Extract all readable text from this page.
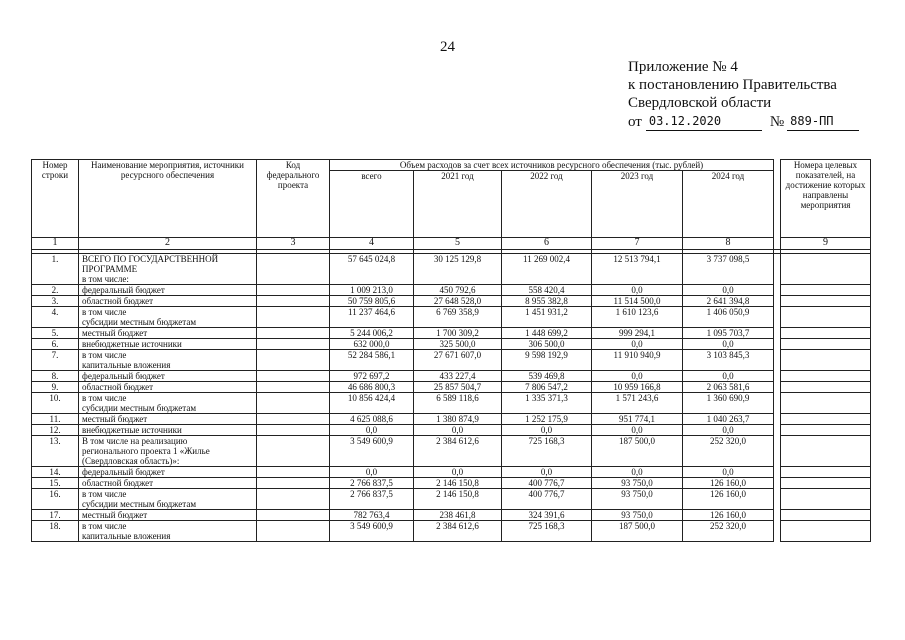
24
Приложение № 4
к постановлению Правительства
Свердловской области
от 03.12.2020	№ 889-ПП
Номер строки	Наименование мероприятия, источники ресурсного обеспечения	Код федерального проекта	Объем расходов за счет всех источников ресурсного обеспечения (тыс. рублей)						Номера целевых показателей, на достижение которых направлены мероприятия
			всего	2021 год	2022 год	2023 год	2024 год		
1	2	3	4	5	6	7	8		9

1.	ВСЕГО ПО ГОСУДАРСТВЕННОЙ
ПРОГРАММЕ
в том числе:		57 645 024,8	30 125 129,8	11 269 002,4	12 513 794,1	3 737 098,5		
2.	федеральный бюджет		1 009 213,0	450 792,6	558 420,4	0,0	0,0		
3.	областной бюджет		50 759 805,6	27 648 528,0	8 955 382,8	11 514 500,0	2 641 394,8		
4.	в том числе
субсидии местным бюджетам		11 237 464,6	6 769 358,9	1 451 931,2	1 610 123,6	1 406 050,9		
5.	местный бюджет		5 244 006,2	1 700 309,2	1 448 699,2	999 294,1	1 095 703,7		
6.	внебюджетные источники		632 000,0	325 500,0	306 500,0	0,0	0,0		
7.	в том числе
капитальные вложения		52 284 586,1	27 671 607,0	9 598 192,9	11 910 940,9	3 103 845,3		
8.	федеральный бюджет		972 697,2	433 227,4	539 469,8	0,0	0,0		
9.	областной бюджет		46 686 800,3	25 857 504,7	7 806 547,2	10 959 166,8	2 063 581,6		
10.	в том числе
субсидии местным бюджетам		10 856 424,4	6 589 118,6	1 335 371,3	1 571 243,6	1 360 690,9		
11.	местный бюджет		4 625 088,6	1 380 874,9	1 252 175,9	951 774,1	1 040 263,7		
12.	внебюджетные источники		0,0	0,0	0,0	0,0	0,0		
13.	В том числе на реализацию
регионального проекта 1 «Жилье
(Свердловская область)»:		3 549 600,9	2 384 612,6	725 168,3	187 500,0	252 320,0		
14.	федеральный бюджет		0,0	0,0	0,0	0,0	0,0		
15.	областной бюджет		2 766 837,5	2 146 150,8	400 776,7	93 750,0	126 160,0		
16.	в том числе
субсидии местным бюджетам		2 766 837,5	2 146 150,8	400 776,7	93 750,0	126 160,0		
17.	местный бюджет		782 763,4	238 461,8	324 391,6	93 750,0	126 160,0		
18.	в том числе
капитальные вложения		3 549 600,9	2 384 612,6	725 168,3	187 500,0	252 320,0		
